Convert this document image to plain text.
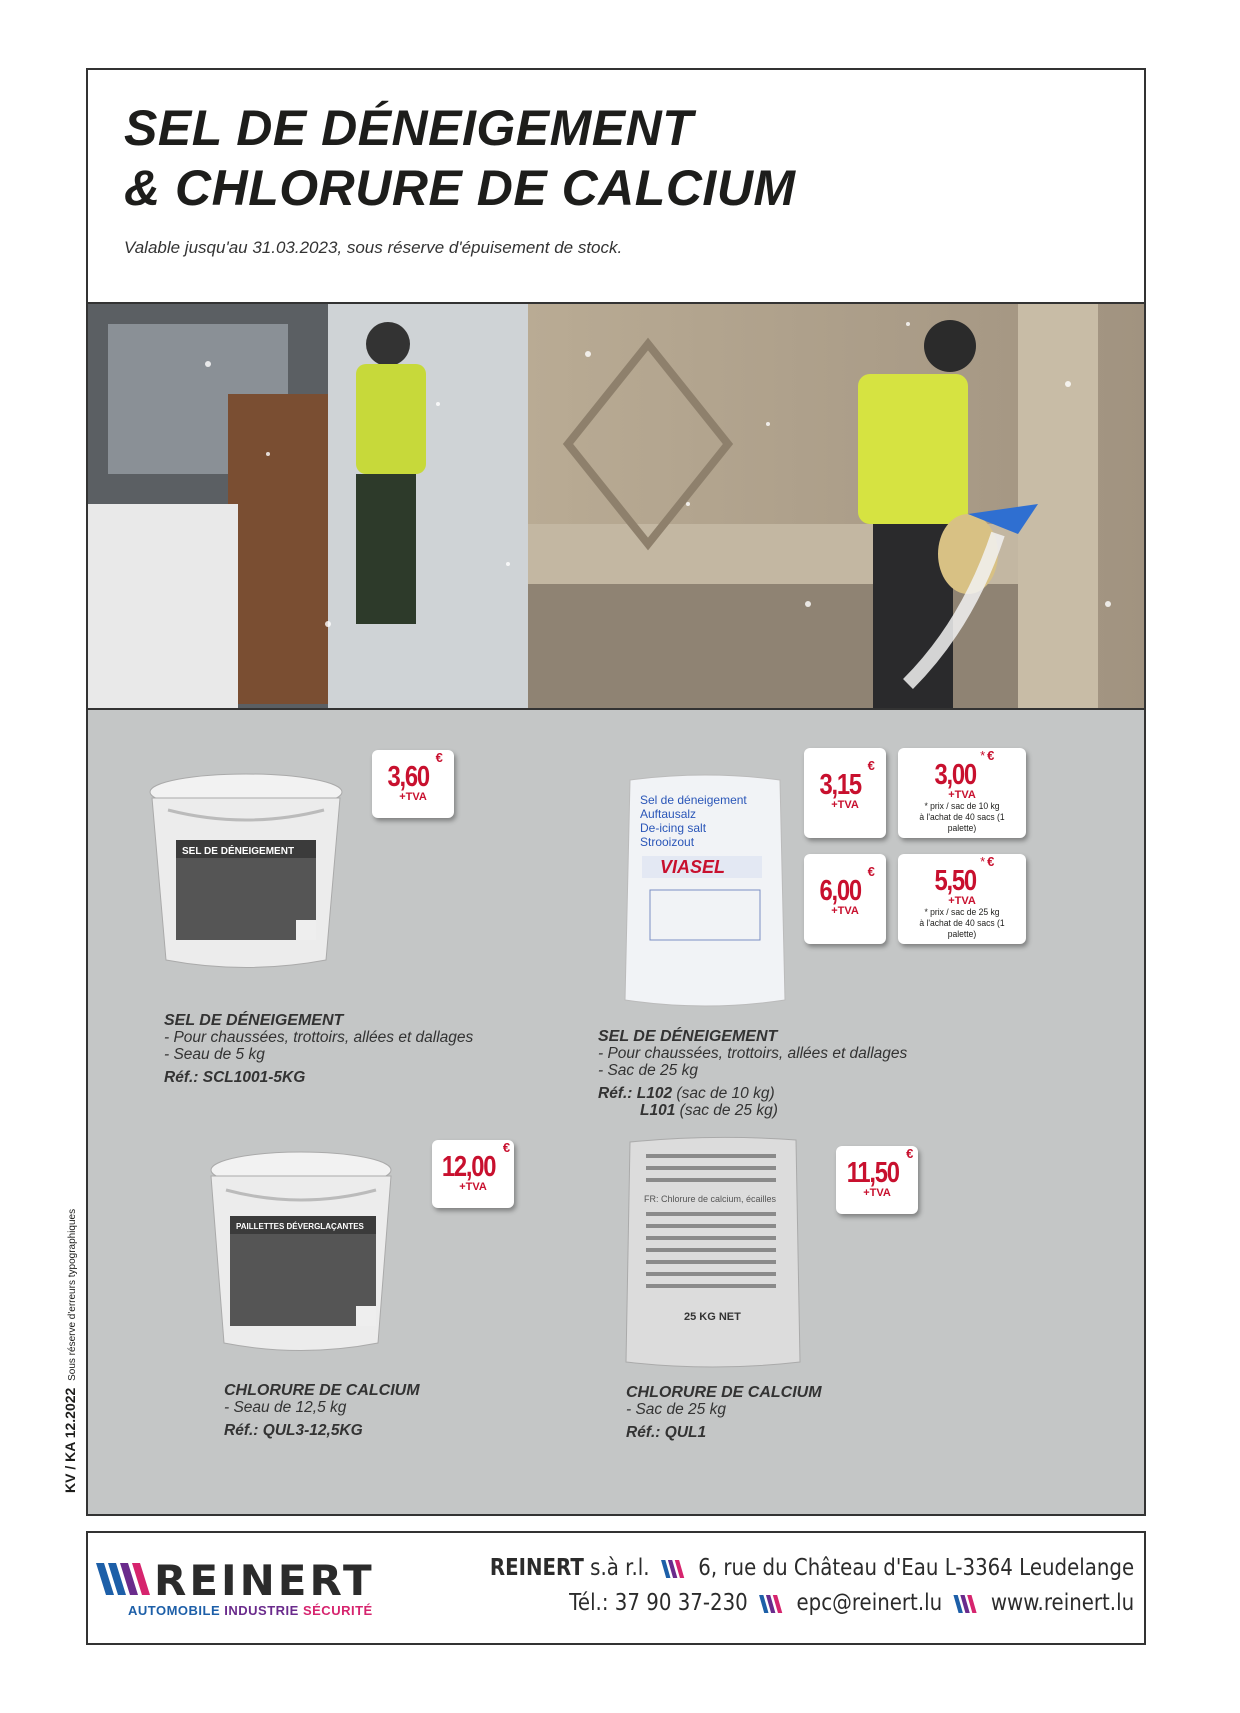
KV / KA 12.2022 Sous réserve d'erreurs typographiques
SEL DE DÉNEIGEMENT
& CHLORURE DE CALCIUM
Valable jusqu'au 31.03.2023, sous réserve d'épuisement de stock.
SEL DE DÉNEIGEMENT
3,60€
+TVA
SEL DE DÉNEIGEMENT
- Pour chaussées, trottoirs, allées et dallages
- Seau de 5 kg
Réf.: SCL1001-5KG
Sel de déneigement
Auftausalz
De-icing salt
Strooizout
VIASEL
3,15€
+TVA
3,00* €
+TVA
* prix / sac de 10 kg
à l'achat de 40 sacs (1 palette)
6,00€
+TVA
5,50* €
+TVA
* prix / sac de 25 kg
à l'achat de 40 sacs (1 palette)
SEL DE DÉNEIGEMENT
- Pour chaussées, trottoirs, allées et dallages
- Sac de 25 kg
Réf.: L102 (sac de 10 kg)
L101 (sac de 25 kg)
PAILLETTES DÉVERGLAÇANTES
12,00€
+TVA
CHLORURE DE CALCIUM
- Seau de 12,5 kg
Réf.: QUL3-12,5KG
FR: Chlorure de calcium, écailles
25 KG NET
11,50€
+TVA
CHLORURE DE CALCIUM
- Sac de 25 kg
Réf.: QUL1
REINERT
AUTOMOBILE INDUSTRIE SÉCURITÉ
REINERT s.à r.l. 6, rue du Château d'Eau L-3364 Leudelange
Tél.: 37 90 37-230 epc@reinert.lu www.reinert.lu
